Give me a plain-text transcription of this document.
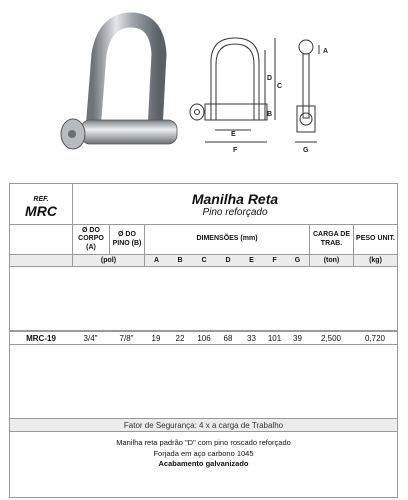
A
B
C
D
E
F	G
REF.
MRC
Manilha Reta
Pino reforçado
Ø DO CORPO (A)
Ø DO PINO (B)
DIMENSÕES (mm)
CARGA DE TRAB.
PESO UNIT.
(pol)	A	B	C	D	E	F	G	(ton)	(kg)
MRC-19	3/4"	7/8"	19	22	106	68	33	101	39	2,500	0,720
Fator de Segurança: 4 x a carga de Trabalho
Manilha reta padrão "D" com pino roscado reforçado
Forjada em aço carbono 1045
Acabamento galvanizado
